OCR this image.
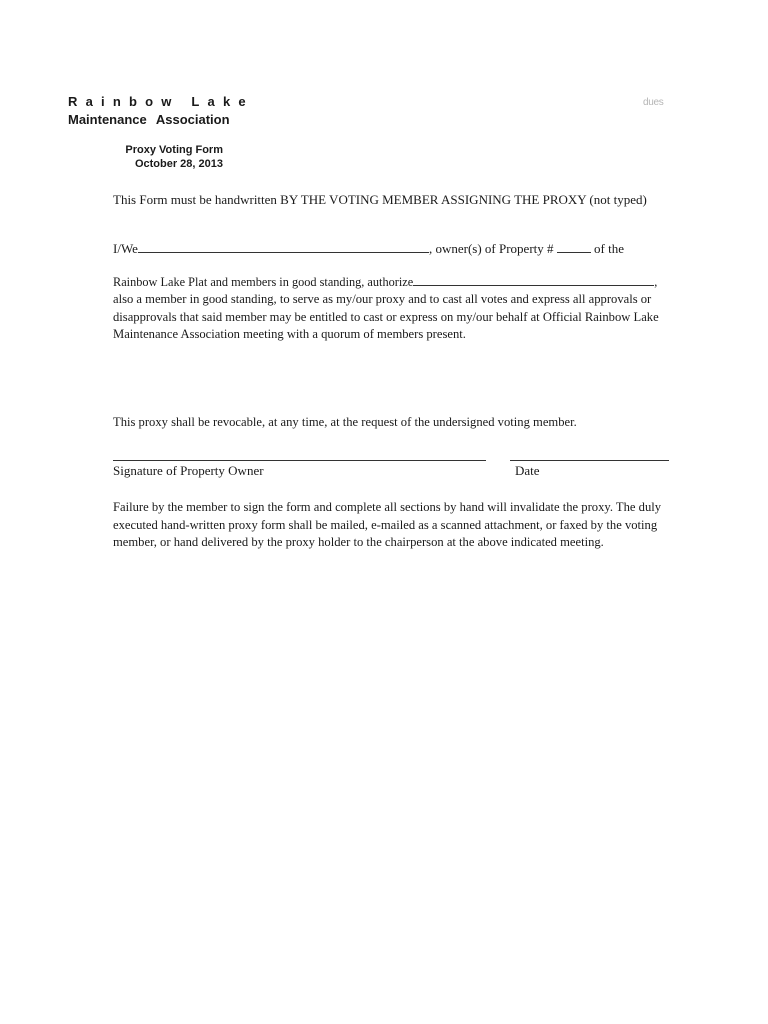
Rainbow Lake
Maintenance Association
dues
Proxy Voting Form
October 28, 2013
This Form must be handwritten BY THE VOTING MEMBER ASSIGNING THE PROXY (not typed)
I/We	, owner(s) of Property #	of the
Rainbow Lake Plat and members in good standing, authorize	,
also a member in good standing, to serve as my/our proxy and to cast all votes and express all approvals or disapprovals that said member may be entitled to cast or express on my/our behalf at Official Rainbow Lake Maintenance Association meeting with a quorum of members present.
This proxy shall be revocable, at any time, at the request of the undersigned voting member.
Signature of Property Owner	Date
Failure by the member to sign the form and complete all sections by hand will invalidate the proxy. The duly executed hand-written proxy form shall be mailed, e-mailed as a scanned attachment, or faxed by the voting member, or hand delivered by the proxy holder to the chairperson at the above indicated meeting.
